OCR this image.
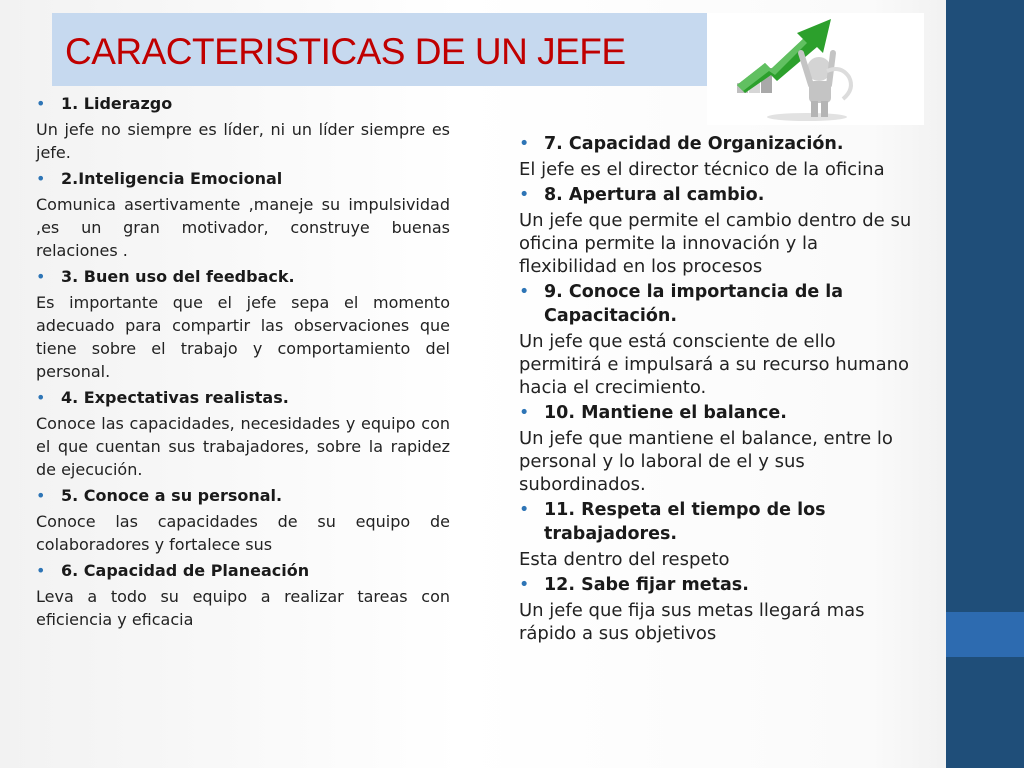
CARACTERISTICAS DE UN JEFE
• 1. Liderazgo
Un jefe no siempre es líder, ni un líder siempre es jefe.
• 2.Inteligencia Emocional
Comunica asertivamente ,maneje su impulsividad ,es un gran motivador, construye buenas relaciones .
• 3. Buen uso del feedback.
Es importante que el jefe sepa el momento adecuado para compartir las observaciones que tiene sobre el trabajo y comportamiento del personal.
• 4. Expectativas realistas.
Conoce las capacidades, necesidades y equipo con el que cuentan sus trabajadores, sobre la rapidez de ejecución.
• 5. Conoce a su personal.
Conoce las capacidades de su equipo de colaboradores y fortalece sus
• 6. Capacidad de Planeación
Leva a todo su equipo a realizar tareas con eficiencia y eficacia
• 7. Capacidad de Organización.
El jefe es el director técnico de la oficina
• 8. Apertura al cambio.
Un jefe que permite el cambio dentro de su oficina permite la innovación y la flexibilidad en los procesos
• 9. Conoce la importancia de la Capacitación.
Un jefe que está consciente de ello permitirá e impulsará a su recurso humano hacia el crecimiento.
• 10. Mantiene el balance.
Un jefe que mantiene el balance, entre lo personal y lo laboral de el y sus subordinados.
• 11. Respeta el tiempo de los trabajadores.
Esta dentro del respeto
• 12. Sabe fijar metas.
Un jefe que fija sus metas llegará mas rápido a sus objetivos
